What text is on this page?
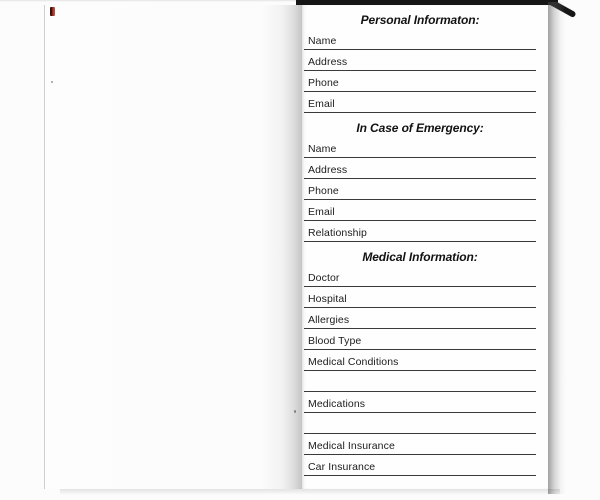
Personal Informaton:
Name
Address
Phone
Email
In Case of Emergency:
Name
Address
Phone
Email
Relationship
Medical Information:
Doctor
Hospital
Allergies
Blood Type
Medical Conditions
Medications
Medical Insurance
Car Insurance
